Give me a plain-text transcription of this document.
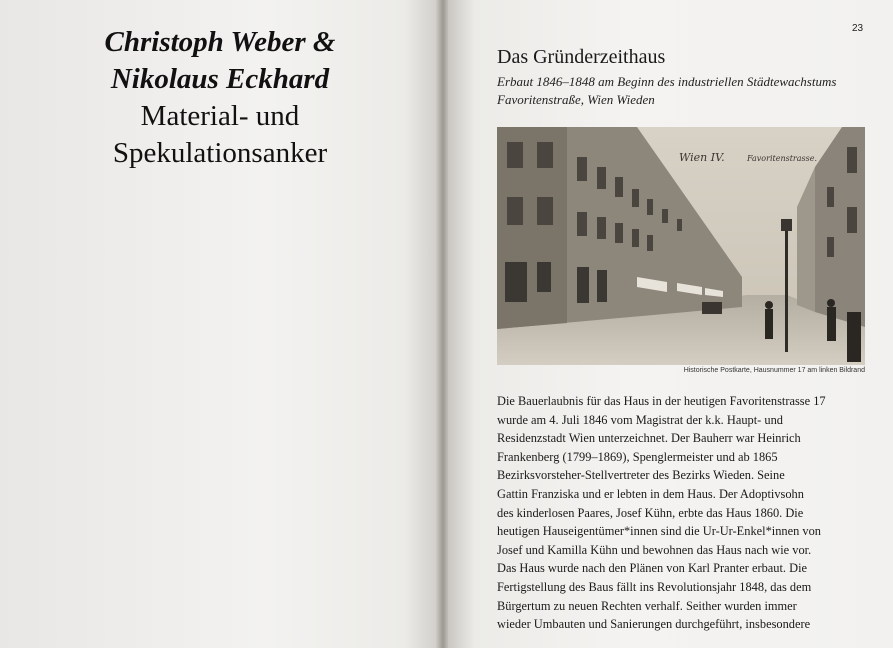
Christoph Weber &
Nikolaus Eckhard
Material- und
Spekulationsanker
23
Das Gründerzeithaus
Erbaut 1846–1848 am Beginn des industriellen Städtewachstums
Favoritenstraße, Wien Wieden
Wien IV.	Favoritenstrasse.
Historische Postkarte, Hausnummer 17 am linken Bildrand
Die Bauerlaubnis für das Haus in der heutigen Favoritenstrasse 17
wurde am 4. Juli 1846 vom Magistrat der k.k. Haupt- und
Residenzstadt Wien unterzeichnet. Der Bauherr war Heinrich
Frankenberg (1799–1869), Spenglermeister und ab 1865
Bezirksvorsteher-Stellvertreter des Bezirks Wieden. Seine
Gattin Franziska und er lebten in dem Haus. Der Adoptivsohn
des kinderlosen Paares, Josef Kühn, erbte das Haus 1860. Die
heutigen Hauseigentümer*innen sind die Ur-Ur-Enkel*innen von
Josef und Kamilla Kühn und bewohnen das Haus nach wie vor.
Das Haus wurde nach den Plänen von Karl Pranter erbaut. Die
Fertigstellung des Baus fällt ins Revolutionsjahr 1848, das dem
Bürgertum zu neuen Rechten verhalf. Seither wurden immer
wieder Umbauten und Sanierungen durchgeführt, insbesondere
